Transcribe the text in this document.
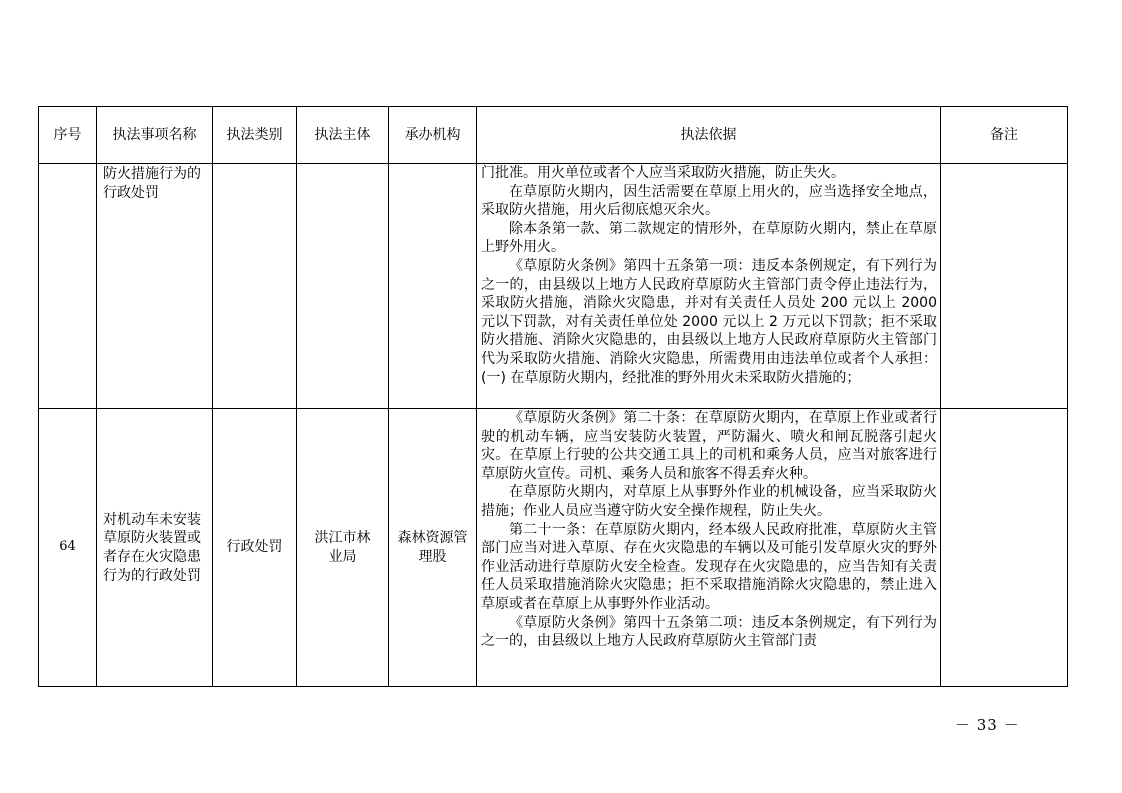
序号	执法事项名称	执法类别	执法主体	承办机构	执法依据	备注
	防火措施行为的行政处罚				门批准。用火单位或者个人应当采取防火措施，防止失火。

在草原防火期内，因生活需要在草原上用火的，应当选择安全地点，采取防火措施，用火后彻底熄灭余火。

除本条第一款、第二款规定的情形外，在草原防火期内，禁止在草原上野外用火。

《草原防火条例》第四十五条第一项：违反本条例规定，有下列行为之一的，由县级以上地方人民政府草原防火主管部门责令停止违法行为，采取防火措施，消除火灾隐患，并对有关责任人员处 200 元以上 2000 元以下罚款，对有关责任单位处 2000 元以上 2 万元以下罚款；拒不采取防火措施、消除火灾隐患的，由县级以上地方人民政府草原防火主管部门代为采取防火措施、消除火灾隐患，所需费用由违法单位或者个人承担：(一) 在草原防火期内，经批准的野外用火未采取防火措施的；	

64	对机动车未安装草原防火装置或者存在火灾隐患行为的行政处罚	行政处罚	洪江市林业局	森林资源管理股	《草原防火条例》第二十条：在草原防火期内，在草原上作业或者行驶的机动车辆，应当安装防火装置，严防漏火、喷火和闸瓦脱落引起火灾。在草原上行驶的公共交通工具上的司机和乘务人员，应当对旅客进行草原防火宣传。司机、乘务人员和旅客不得丢弃火种。

在草原防火期内，对草原上从事野外作业的机械设备，应当采取防火措施；作业人员应当遵守防火安全操作规程，防止失火。

第二十一条：在草原防火期内，经本级人民政府批准，草原防火主管部门应当对进入草原、存在火灾隐患的车辆以及可能引发草原火灾的野外作业活动进行草原防火安全检查。发现存在火灾隐患的，应当告知有关责任人员采取措施消除火灾隐患；拒不采取措施消除火灾隐患的，禁止进入草原或者在草原上从事野外作业活动。

《草原防火条例》第四十五条第二项：违反本条例规定，有下列行为之一的，由县级以上地方人民政府草原防火主管部门责	

－ 33 －
